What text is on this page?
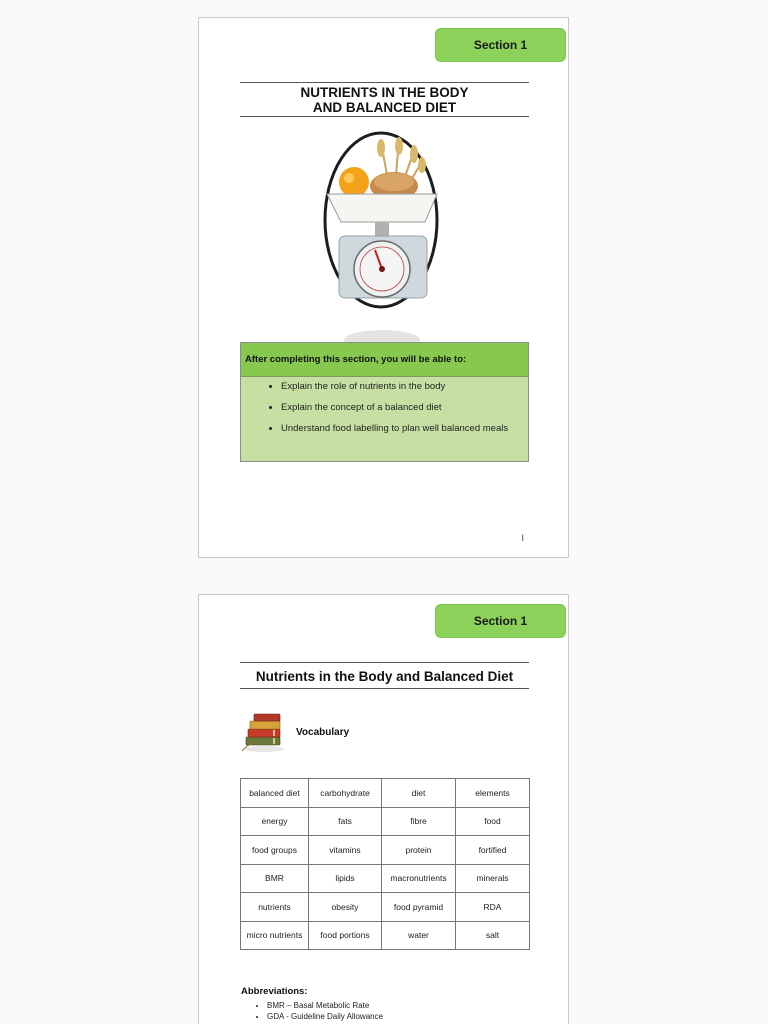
Section 1
NUTRIENTS IN THE BODY
AND BALANCED DIET
After completing this section, you will be able to:
• Explain the role of nutrients in the body
• Explain the concept of a balanced diet
• Understand food labelling to plan well balanced meals
I
Section 1
Nutrients in the Body and Balanced Diet
Vocabulary
balanced diet	carbohydrate	diet	elements
energy	fats	fibre	food
food groups	vitamins	protein	fortified
BMR	lipids	macronutrients	minerals
nutrients	obesity	food pyramid	RDA
micro nutrients	food portions	water	salt
Abbreviations:
• BMR – Basal Metabolic Rate
• GDA - Guideline Daily Allowance
